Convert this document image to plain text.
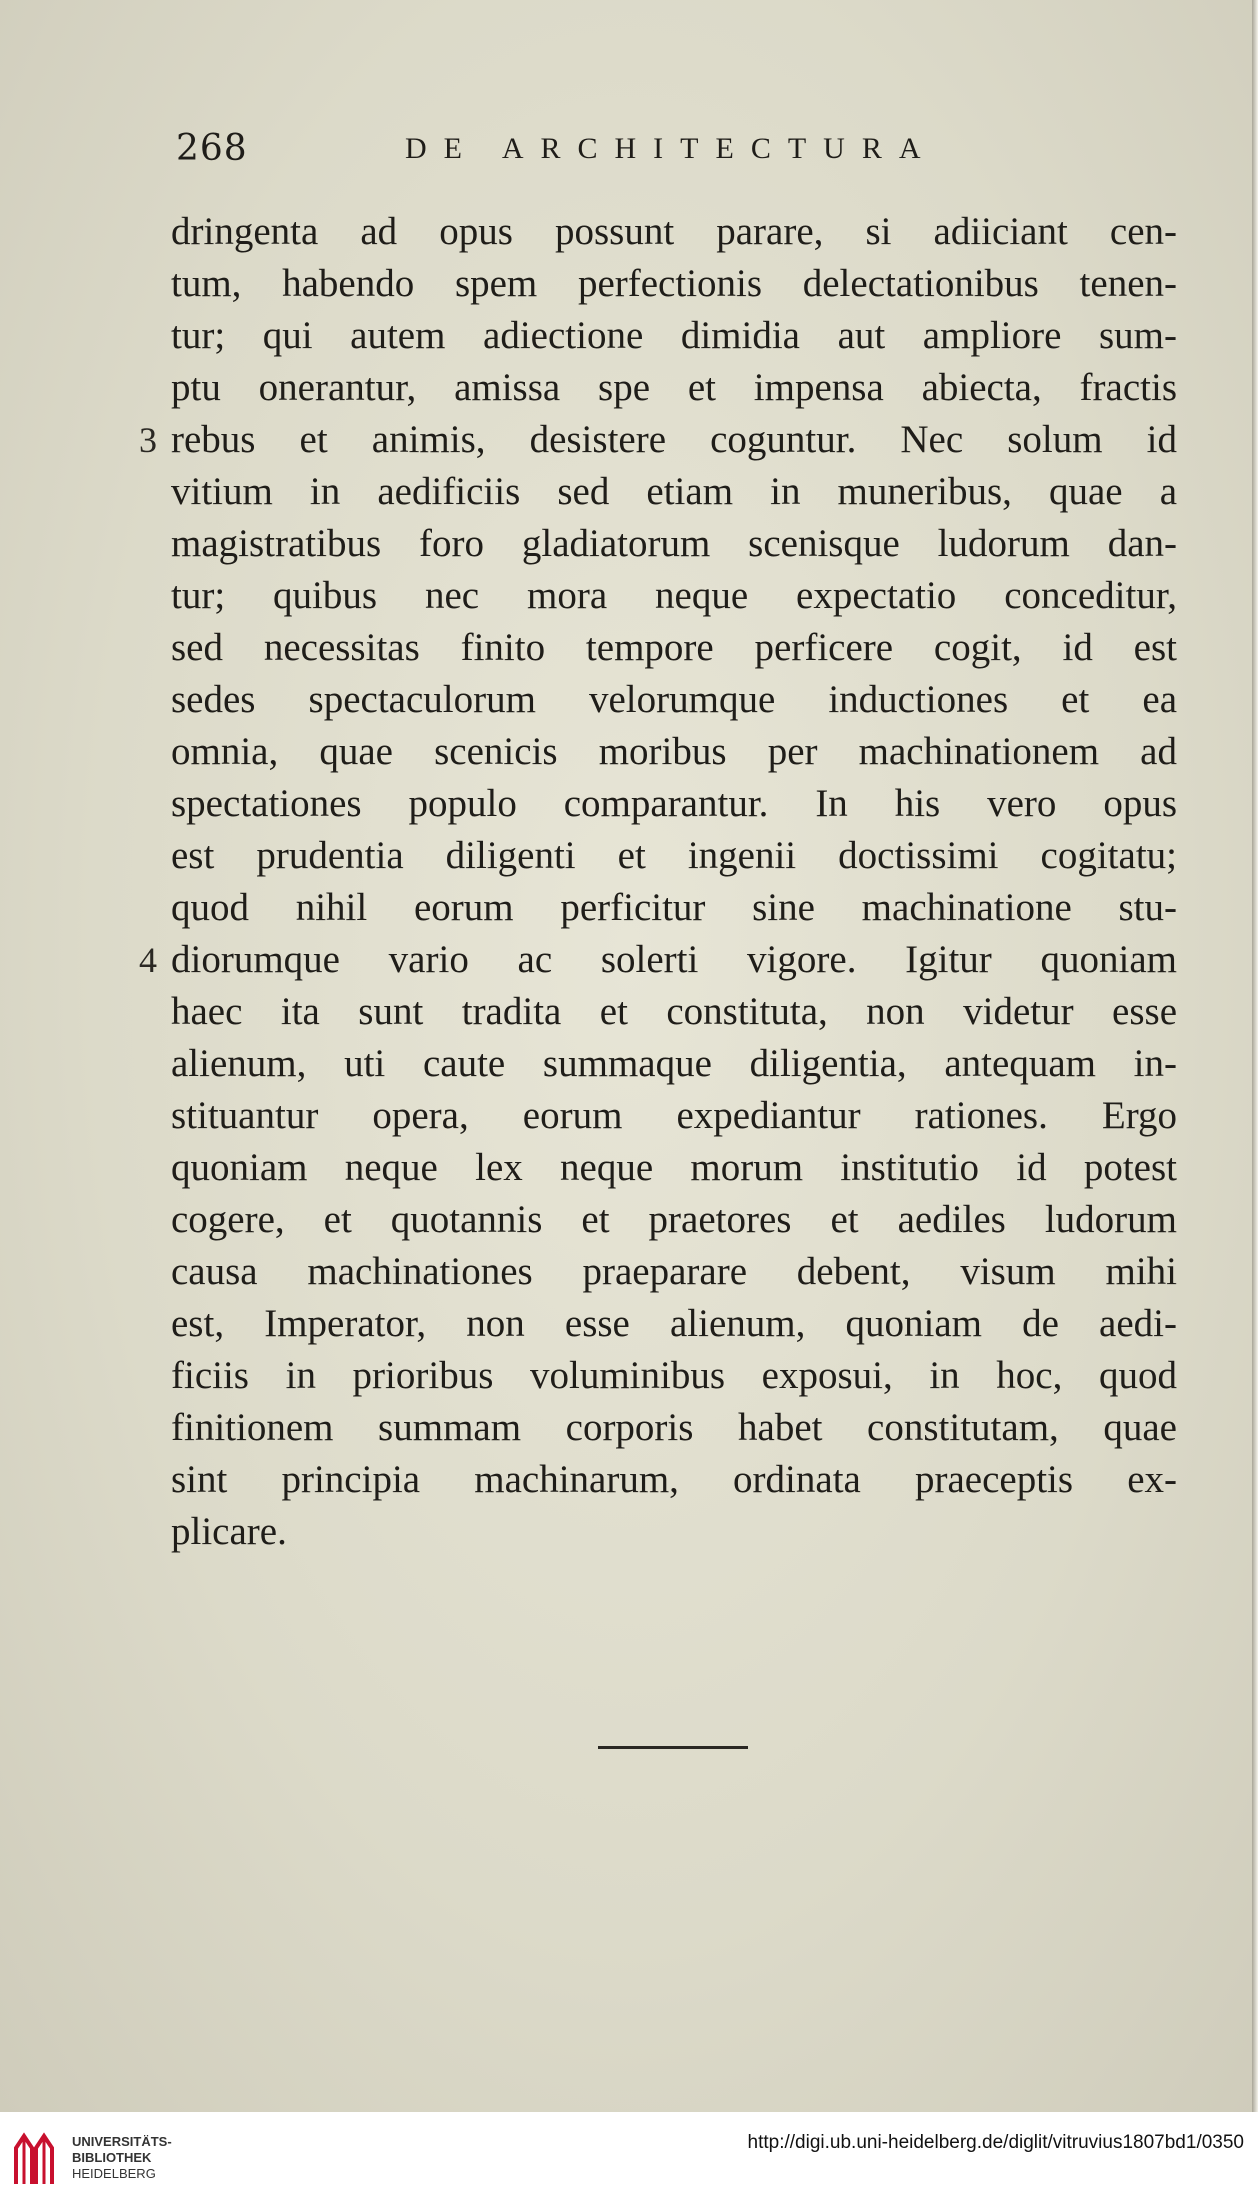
268	DE ARCHITECTURA
dringenta ad opus possunt parare, si adiiciant cen-
tum, habendo spem perfectionis delectationibus tenen-
tur; qui autem adiectione dimidia aut ampliore sum-
ptu onerantur, amissa spe et impensa abiecta, fractis
rebus et animis, desistere coguntur. Nec solum id
3
vitium in aedificiis sed etiam in muneribus, quae a
magistratibus foro gladiatorum scenisque ludorum dan-
tur; quibus nec mora neque expectatio conceditur,
sed necessitas finito tempore perficere cogit, id est
sedes spectaculorum velorumque inductiones et ea
omnia, quae scenicis moribus per machinationem ad
spectationes populo comparantur. In his vero opus
est prudentia diligenti et ingenii doctissimi cogitatu;
quod nihil eorum perficitur sine machinatione stu-
diorumque vario ac solerti vigore. Igitur quoniam
4
haec ita sunt tradita et constituta, non videtur esse
alienum, uti caute summaque diligentia, antequam in-
stituantur opera, eorum expediantur rationes. Ergo
quoniam neque lex neque morum institutio id potest
cogere, et quotannis et praetores et aediles ludorum
causa machinationes praeparare debent, visum mihi
est, Imperator, non esse alienum, quoniam de aedi-
ficiis in prioribus voluminibus exposui, in hoc, quod
finitionem summam corporis habet constitutam, quae
sint principia machinarum, ordinata praeceptis ex-
plicare.
UNIVERSITÄTS-
BIBLIOTHEK
HEIDELBERG
http://digi.ub.uni-heidelberg.de/diglit/vitruvius1807bd1/0350
